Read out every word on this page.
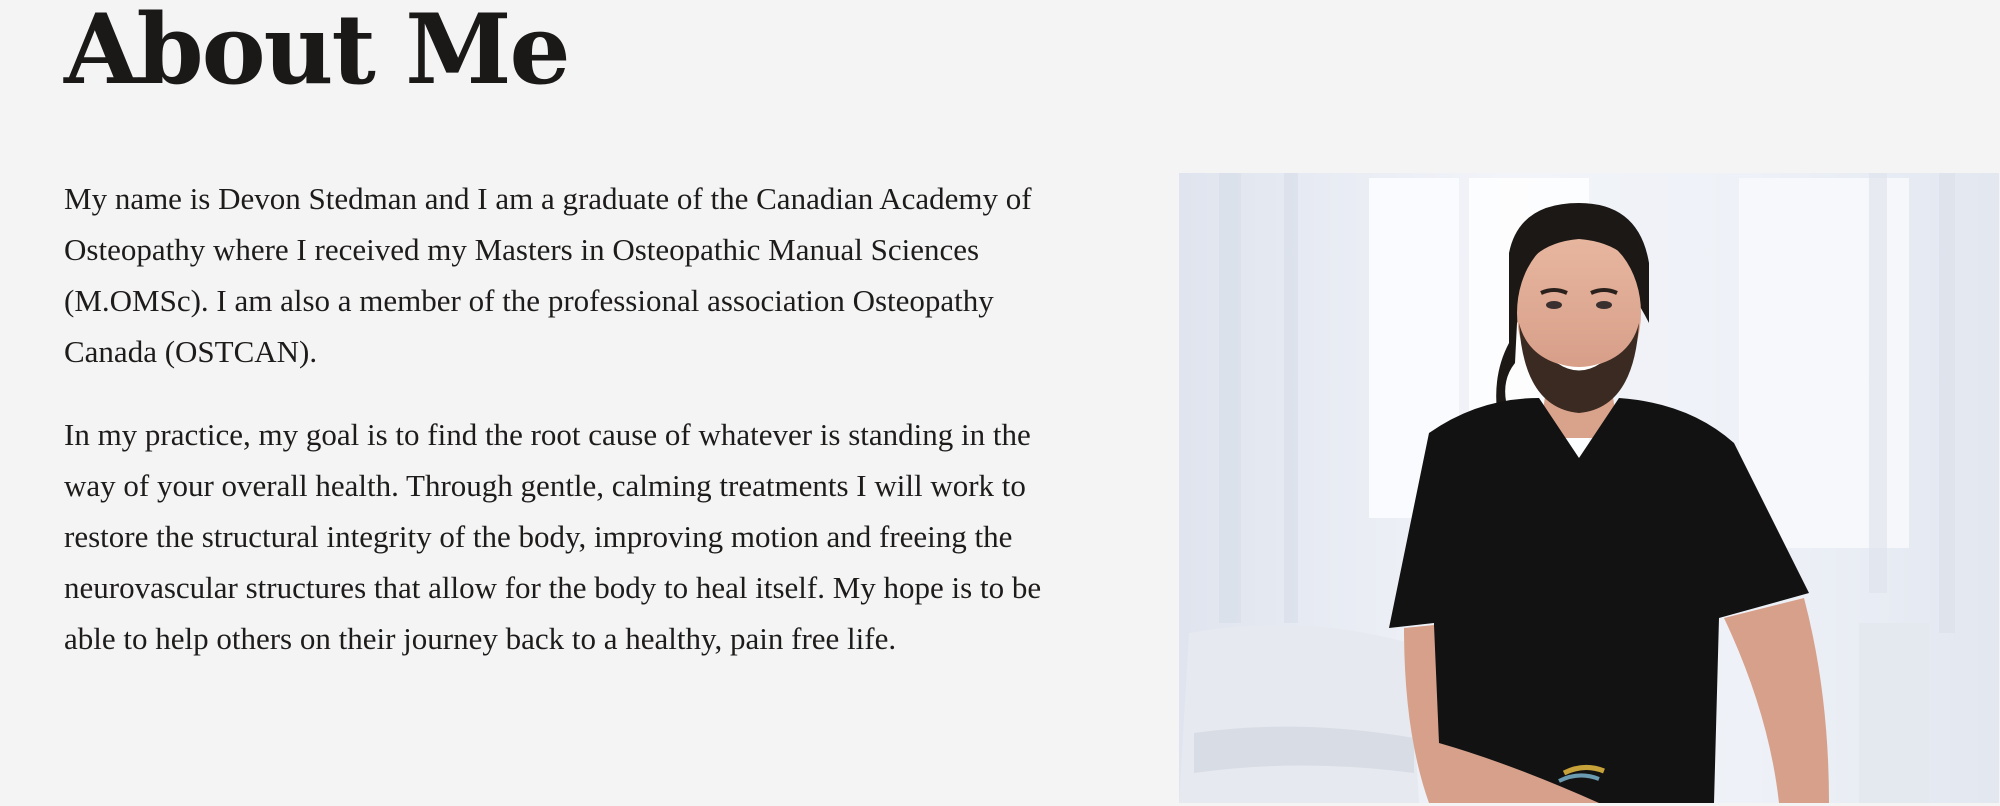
About Me

My name is Devon Stedman and I am a graduate of the Canadian Academy of Osteopathy where I received my Masters in Osteopathic Manual Sciences (M.OMSc). I am also a member of the professional association Osteopathy Canada (OSTCAN).

In my practice, my goal is to find the root cause of whatever is standing in the way of your overall health. Through gentle, calming treatments I will work to restore the structural integrity of the body, improving motion and freeing the neurovascular structures that allow for the body to heal itself. My hope is to be able to help others on their journey back to a healthy, pain free life.
